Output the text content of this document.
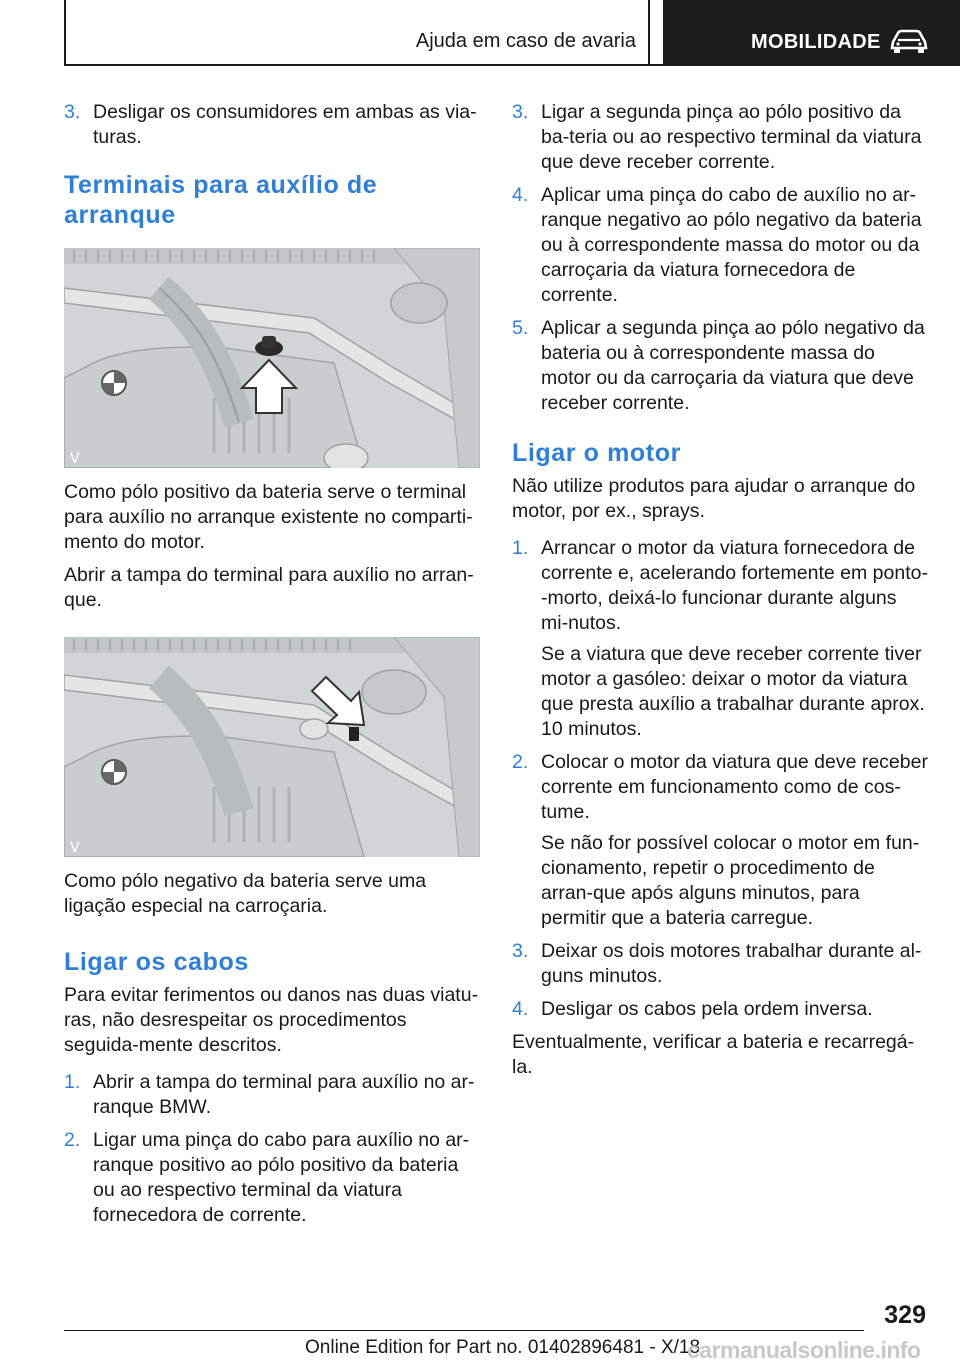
Ajuda em caso de avaria	MOBILIDADE
3. Desligar os consumidores em ambas as via-turas.
Terminais para auxílio de arranque
V

Como pólo positivo da bateria serve o terminal para auxílio no arranque existente no comparti-mento do motor.

Abrir a tampa do terminal para auxílio no arran-que.

V

Como pólo negativo da bateria serve uma ligação especial na carroçaria.

Ligar os cabos

Para evitar ferimentos ou danos nas duas viatu-ras, não desrespeitar os procedimentos seguida-mente descritos.

1. Abrir a tampa do terminal para auxílio no ar-ranque BMW.
2. Ligar uma pinça do cabo para auxílio no ar-ranque positivo ao pólo positivo da bateria ou ao respectivo terminal da viatura fornecedora de corrente.
3. Ligar a segunda pinça ao pólo positivo da ba-teria ou ao respectivo terminal da viatura que deve receber corrente.
4. Aplicar uma pinça do cabo de auxílio no ar-ranque negativo ao pólo negativo da bateria ou à correspondente massa do motor ou da carroçaria da viatura fornecedora de corrente.
5. Aplicar a segunda pinça ao pólo negativo da bateria ou à correspondente massa do motor ou da carroçaria da viatura que deve receber corrente.
Ligar o motor

Não utilize produtos para ajudar o arranque do motor, por ex., sprays.

1. Arrancar o motor da viatura fornecedora de corrente e, acelerando fortemente em ponto--morto, deixá-lo funcionar durante alguns mi-nutos.

Se a viatura que deve receber corrente tiver motor a gasóleo: deixar o motor da viatura que presta auxílio a trabalhar durante aprox. 10 minutos.

2. Colocar o motor da viatura que deve receber corrente em funcionamento como de cos-tume.

Se não for possível colocar o motor em fun-cionamento, repetir o procedimento de arran-que após alguns minutos, para permitir que a bateria carregue.

3. Deixar os dois motores trabalhar durante al-guns minutos.
4. Desligar os cabos pela ordem inversa.

Eventualmente, verificar a bateria e recarregá-la.

329
Online Edition for Part no. 01402896481 - X/18
carmanualsonline.info
